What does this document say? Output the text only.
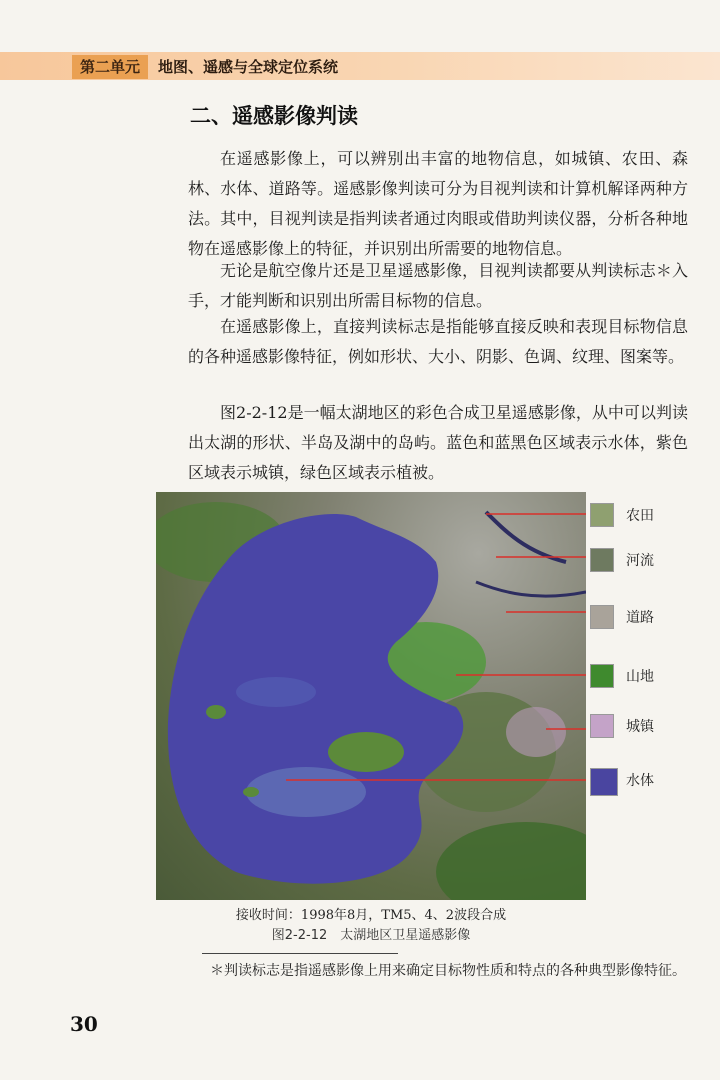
第二单元	地图、遥感与全球定位系统
二、遥感影像判读

在遥感影像上，可以辨别出丰富的地物信息，如城镇、农田、森林、水体、道路等。遥感影像判读可分为目视判读和计算机解译两种方法。其中，目视判读是指判读者通过肉眼或借助判读仪器，分析各种地物在遥感影像上的特征，并识别出所需要的地物信息。

无论是航空像片还是卫星遥感影像，目视判读都要从判读标志＊入手，才能判断和识别出所需目标物的信息。

在遥感影像上，直接判读标志是指能够直接反映和表现目标物信息的各种遥感影像特征，例如形状、大小、阴影、色调、纹理、图案等。

图2-2-12是一幅太湖地区的彩色合成卫星遥感影像，从中可以判读出太湖的形状、半岛及湖中的岛屿。蓝色和蓝黑色区域表示水体，紫色区域表示城镇，绿色区域表示植被。

农田
河流
道路
山地
城镇
水体
接收时间：1998年8月，TM5、4、2波段合成
图2-2-12　太湖地区卫星遥感影像

＊判读标志是指遥感影像上用来确定目标物性质和特点的各种典型影像特征。

30
